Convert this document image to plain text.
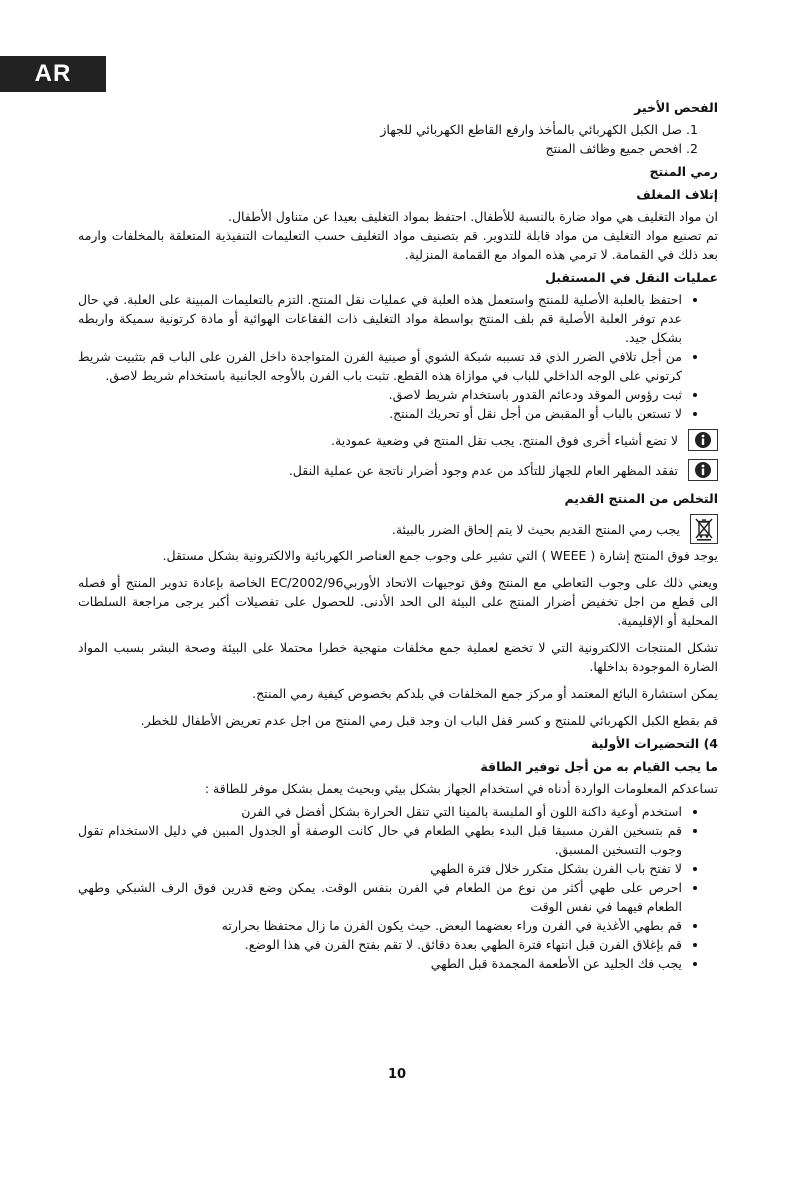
AR
الفحص الأخير
1. صل الكبل الكهربائي بالمأخذ وارفع القاطع الكهربائي للجهاز
2. افحص جميع وظائف المنتج
رمي المنتج
إتلاف المغلف
ان مواد التغليف هي مواد ضارة بالنسبة للأطفال. احتفظ بمواد التغليف بعيدا عن متناول الأطفال.
تم تصنيع مواد التغليف من مواد قابلة للتدوير. قم بتصنيف مواد التغليف حسب التعليمات التنفيذية المتعلقة بالمخلفات وارمه بعد ذلك في القمامة. لا ترمي هذه المواد مع القمامة المنزلية.
عمليات النقل في المستقبل
• احتفظ بالعلبة الأصلية للمنتج واستعمل هذه العلبة في عمليات نقل المنتج. التزم بالتعليمات المبينة على العلبة. في حال عدم توفر العلبة الأصلية قم بلف المنتج بواسطة مواد التغليف ذات الفقاعات الهوائية أو مادة كرتونية سميكة واربطه بشكل جيد.
• من أجل تلافي الضرر الذي قد تسببه شبكة الشوي أو صينية الفرن المتواجدة داخل الفرن على الباب قم بتثبيت شريط كرتوني على الوجه الداخلي للباب في موازاة هذه القطع. تثبت باب الفرن بالأوجه الجانبية باستخدام شريط لاصق.
• ثبت رؤوس الموقد ودعائم القدور باستخدام شريط لاصق.
• لا تستعن بالباب أو المقبض من أجل نقل أو تحريك المنتج.
لا تضع أشياء أخرى فوق المنتج. يجب نقل المنتج في وضعية عمودية.
تفقد المظهر العام للجهاز للتأكد من عدم وجود أضرار ناتجة عن عملية النقل.
التخلص من المنتج القديم
يجب رمي المنتج القديم بحيث لا يتم إلحاق الضرر بالبيئة.
يوجد فوق المنتج إشارة ( WEEE ) التي تشير على وجوب جمع العناصر الكهربائية والالكترونية بشكل مستقل.
ويعني ذلك على وجوب التعاطي مع المنتج وفق توجيهات الاتحاد الأوربي2002/96/EC الخاصة بإعادة تدوير المنتج أو فصله الى قطع من اجل تخفيض أضرار المنتج على البيئة الى الحد الأدنى. للحصول على تفصيلات أكبر يرجى مراجعة السلطات المحلية أو الإقليمية.
تشكل المنتجات الالكترونية التي لا تخضع لعملية جمع مخلفات منهجية خطرا محتملا على البيئة وصحة البشر بسبب المواد الضارة الموجودة بداخلها.
يمكن استشارة البائع المعتمد أو مركز جمع المخلفات في بلدكم بخصوص كيفية رمي المنتج.
قم بقطع الكبل الكهربائي للمنتج و كسر قفل الباب ان وجد قبل رمي المنتج من اجل عدم تعريض الأطفال للخطر.
4) التحضيرات الأولية
ما يجب القيام به من أجل توفير الطاقة
تساعدكم المعلومات الواردة أدناه في استخدام الجهاز بشكل بيئي وبحيث يعمل بشكل موفر للطاقة :
• استخدم أوعية داكنة اللون أو الملبسة بالمينا التي تنقل الحرارة بشكل أفضل في الفرن
• قم بتسخين الفرن مسبقا قبل البدء بطهي الطعام في حال كانت الوصفة أو الجدول المبين في دليل الاستخدام تقول وجوب التسخين المسبق.
• لا تفتح باب الفرن بشكل متكرر خلال فترة الطهي
• احرص على طهي أكثر من نوع من الطعام في الفرن بنفس الوقت. يمكن وضع قدرين فوق الرف الشبكي وطهي الطعام فيهما في نفس الوقت
• قم بطهي الأغذية في الفرن وراء بعضهما البعض. حيث يكون الفرن ما زال محتفظا بحرارته
• قم بإغلاق الفرن قبل انتهاء فترة الطهي بعدة دقائق. لا تقم بفتح الفرن في هذا الوضع.
• يجب فك الجليد عن الأطعمة المجمدة قبل الطهي
10
